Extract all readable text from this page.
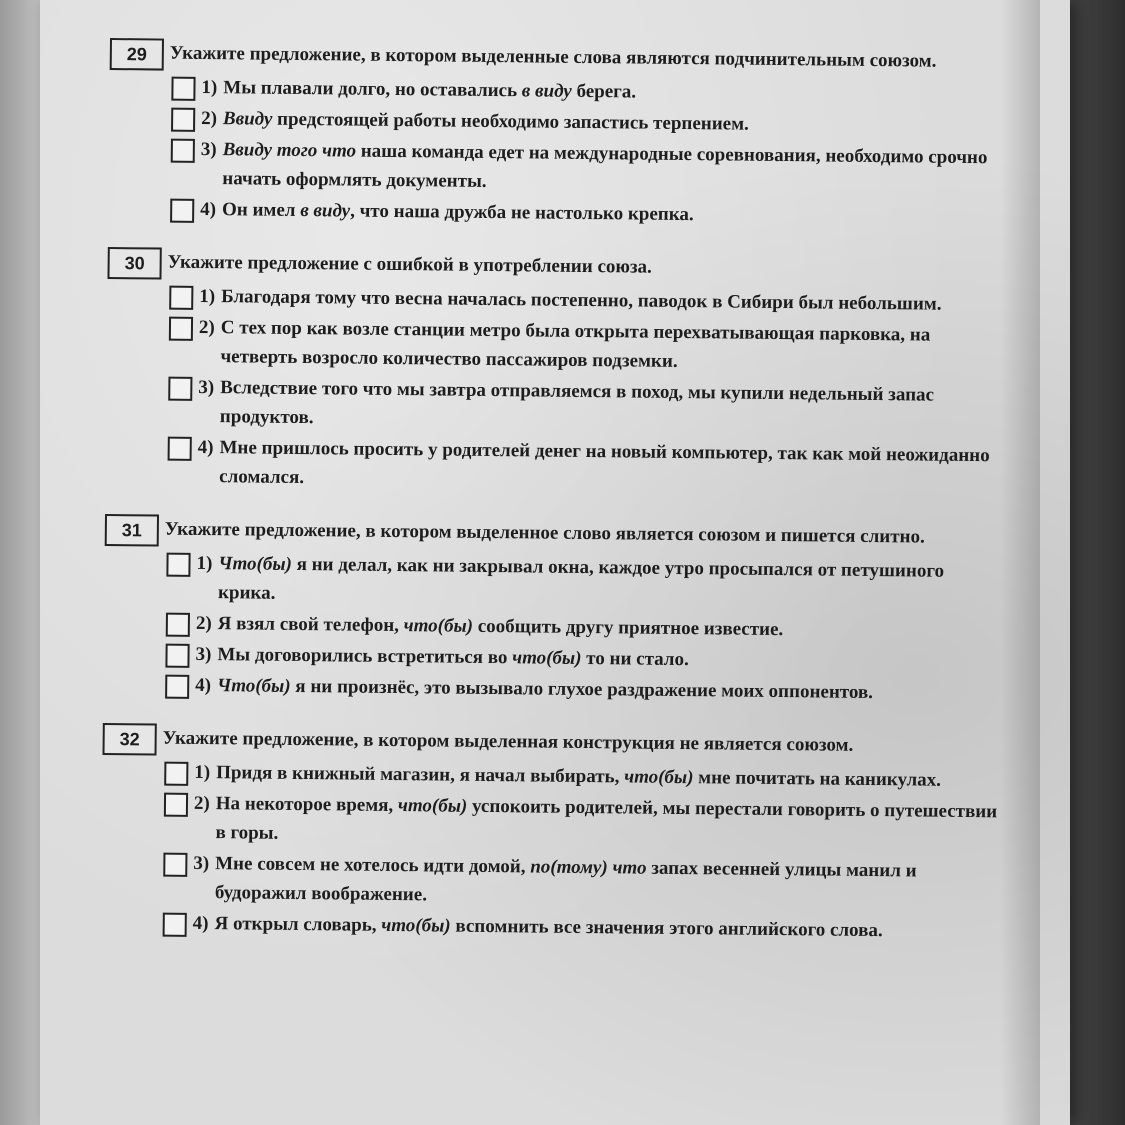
29	Укажите предложение, в котором выделенные слова являются подчинительным союзом.
1) Мы плавали долго, но оставались в виду берега.
2) Ввиду предстоящей работы необходимо запастись терпением.
3) Ввиду того что наша команда едет на международные соревнования, необходимо срочно начать оформлять документы.
4) Он имел в виду, что наша дружба не настолько крепка.
30	Укажите предложение с ошибкой в употреблении союза.
1) Благодаря тому что весна началась постепенно, паводок в Сибири был небольшим.
2) С тех пор как возле станции метро была открыта перехватывающая парковка, на четверть возросло количество пассажиров подземки.
3) Вследствие того что мы завтра отправляемся в поход, мы купили недельный запас продуктов.
4) Мне пришлось просить у родителей денег на новый компьютер, так как мой неожиданно сломался.
31	Укажите предложение, в котором выделенное слово является союзом и пишется слитно.
1) Что(бы) я ни делал, как ни закрывал окна, каждое утро просыпался от петушиного крика.
2) Я взял свой телефон, что(бы) сообщить другу приятное известие.
3) Мы договорились встретиться во что(бы) то ни стало.
4) Что(бы) я ни произнёс, это вызывало глухое раздражение моих оппонентов.
32	Укажите предложение, в котором выделенная конструкция не является союзом.
1) Придя в книжный магазин, я начал выбирать, что(бы) мне почитать на каникулах.
2) На некоторое время, что(бы) успокоить родителей, мы перестали говорить о путешествии в горы.
3) Мне совсем не хотелось идти домой, по(тому) что запах весенней улицы манил и будоражил воображение.
4) Я открыл словарь, что(бы) вспомнить все значения этого английского слова.
